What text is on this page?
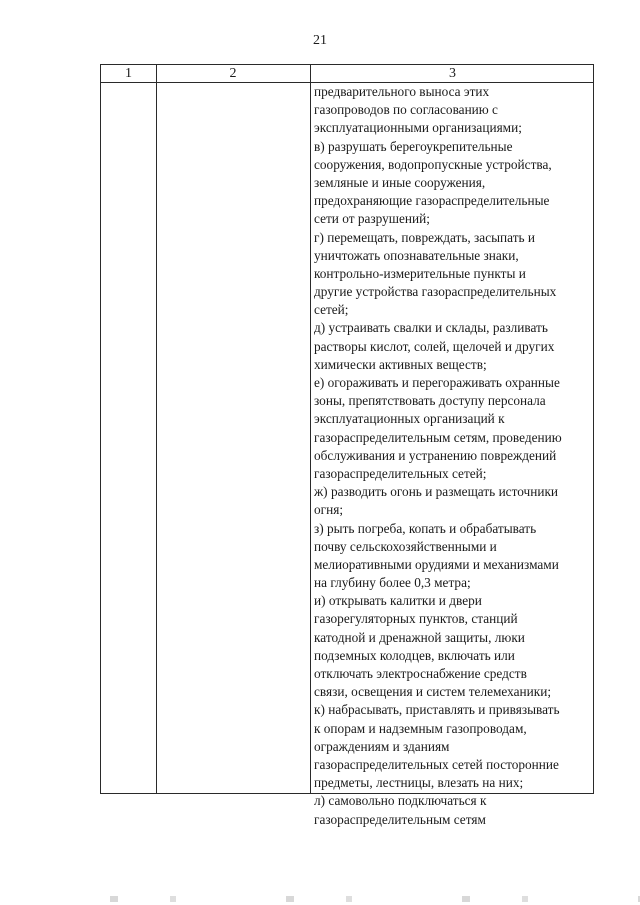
21
1	2	3
предварительного выноса этих
газопроводов по согласованию с
эксплуатационными организациями;
в) разрушать берегоукрепительные
сооружения, водопропускные устройства,
земляные и иные сооружения,
предохраняющие газораспределительные
сети от разрушений;
г) перемещать, повреждать, засыпать и
уничтожать опознавательные знаки,
контрольно-измерительные пункты и
другие устройства газораспределительных
сетей;
д) устраивать свалки и склады, разливать
растворы кислот, солей, щелочей и других
химически активных веществ;
е) огораживать и перегораживать охранные
зоны, препятствовать доступу персонала
эксплуатационных организаций к
газораспределительным сетям, проведению
обслуживания и устранению повреждений
газораспределительных сетей;
ж) разводить огонь и размещать источники
огня;
з) рыть погреба, копать и обрабатывать
почву сельскохозяйственными и
мелиоративными орудиями и механизмами
на глубину более 0,3 метра;
и) открывать калитки и двери
газорегуляторных пунктов, станций
катодной и дренажной защиты, люки
подземных колодцев, включать или
отключать электроснабжение средств
связи, освещения и систем телемеханики;
к) набрасывать, приставлять и привязывать
к опорам и надземным газопроводам,
ограждениям и зданиям
газораспределительных сетей посторонние
предметы, лестницы, влезать на них;
л) самовольно подключаться к
газораспределительным сетям
